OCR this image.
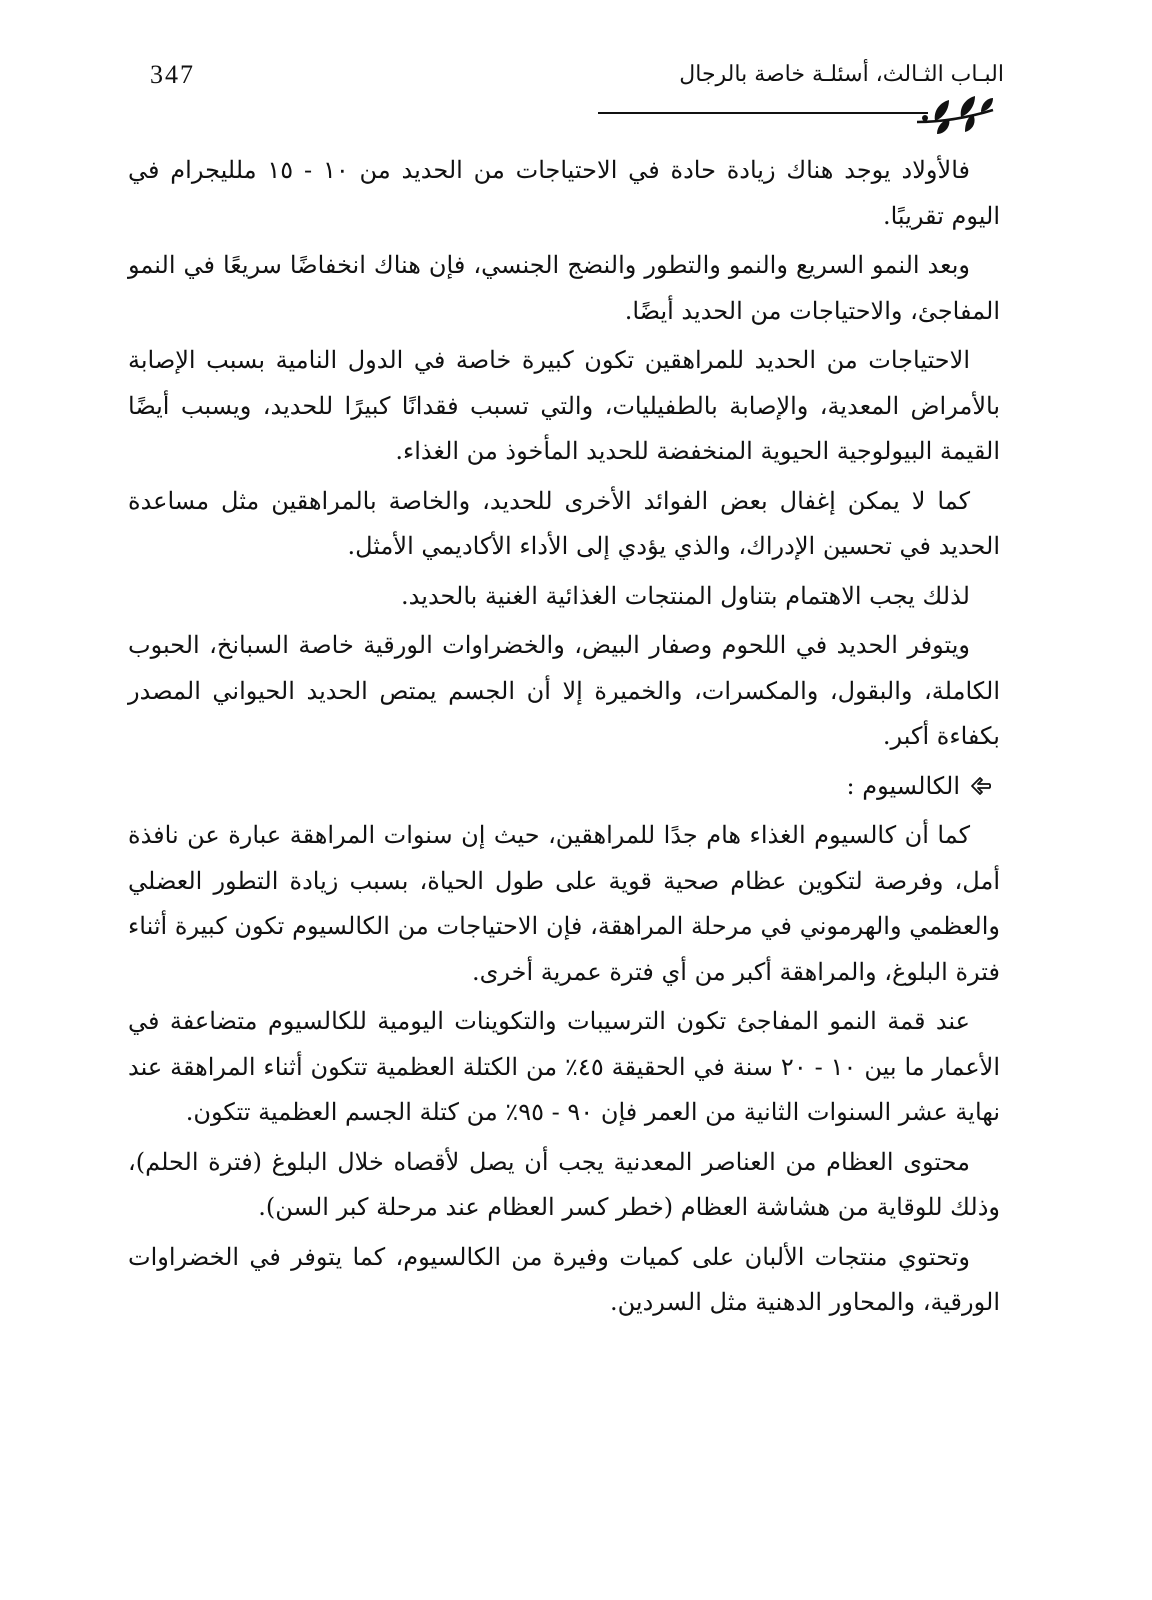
347	البـاب الثـالث، أسئلـة خاصة بالرجال

فالأولاد يوجد هناك زيادة حادة في الاحتياجات من الحديد من ١٠ - ١٥ ملليجرام في اليوم تقريبًا.

وبعد النمو السريع والنمو والتطور والنضج الجنسي، فإن هناك انخفاضًا سريعًا في النمو المفاجئ، والاحتياجات من الحديد أيضًا.

الاحتياجات من الحديد للمراهقين تكون كبيرة خاصة في الدول النامية بسبب الإصابة بالأمراض المعدية، والإصابة بالطفيليات، والتي تسبب فقدانًا كبيرًا للحديد، ويسبب أيضًا القيمة البيولوجية الحيوية المنخفضة للحديد المأخوذ من الغذاء.

كما لا يمكن إغفال بعض الفوائد الأخرى للحديد، والخاصة بالمراهقين مثل مساعدة الحديد في تحسين الإدراك، والذي يؤدي إلى الأداء الأكاديمي الأمثل.

لذلك يجب الاهتمام بتناول المنتجات الغذائية الغنية بالحديد.

ويتوفر الحديد في اللحوم وصفار البيض، والخضراوات الورقية خاصة السبانخ، الحبوب الكاملة، والبقول، والمكسرات، والخميرة إلا أن الجسم يمتص الحديد الحيواني المصدر بكفاءة أكبر.

الكالسيوم :

كما أن كالسيوم الغذاء هام جدًا للمراهقين، حيث إن سنوات المراهقة عبارة عن نافذة أمل، وفرصة لتكوين عظام صحية قوية على طول الحياة، بسبب زيادة التطور العضلي والعظمي والهرموني في مرحلة المراهقة، فإن الاحتياجات من الكالسيوم تكون كبيرة أثناء فترة البلوغ، والمراهقة أكبر من أي فترة عمرية أخرى.

عند قمة النمو المفاجئ تكون الترسيبات والتكوينات اليومية للكالسيوم متضاعفة في الأعمار ما بين ١٠ - ٢٠ سنة في الحقيقة ٤٥٪ من الكتلة العظمية تتكون أثناء المراهقة عند نهاية عشر السنوات الثانية من العمر فإن ٩٠ - ٩٥٪ من كتلة الجسم العظمية تتكون.

محتوى العظام من العناصر المعدنية يجب أن يصل لأقصاه خلال البلوغ (فترة الحلم)، وذلك للوقاية من هشاشة العظام (خطر كسر العظام عند مرحلة كبر السن).

وتحتوي منتجات الألبان على كميات وفيرة من الكالسيوم، كما يتوفر في الخضراوات الورقية، والمحاور الدهنية مثل السردين.
